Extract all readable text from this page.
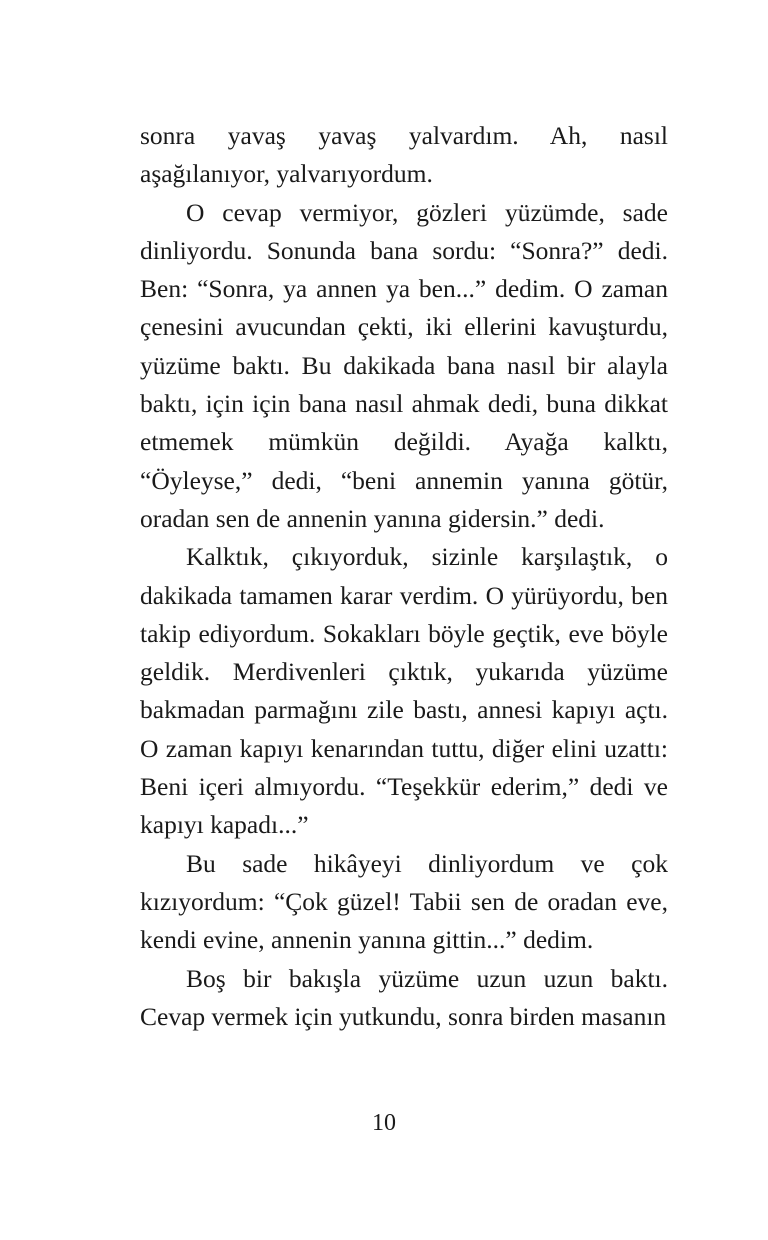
sonra yavaş yavaş yalvardım. Ah, nasıl aşağılanıyor, yalvarıyordum.

O cevap vermiyor, gözleri yüzümde, sade dinliyordu. Sonunda bana sordu: “Sonra?” dedi. Ben: “Sonra, ya annen ya ben...” dedim. O zaman çenesini avucundan çekti, iki ellerini kavuşturdu, yüzüme baktı. Bu dakikada bana nasıl bir alayla baktı, için için bana nasıl ahmak dedi, buna dikkat etmemek mümkün değildi. Ayağa kalktı, “Öyleyse,” dedi, “beni annemin yanına götür, oradan sen de annenin yanına gidersin.” dedi.

Kalktık, çıkıyorduk, sizinle karşılaştık, o dakikada tamamen karar verdim. O yürüyordu, ben takip ediyordum. Sokakları böyle geçtik, eve böyle geldik. Merdivenleri çıktık, yukarıda yüzüme bakmadan parmağını zile bastı, annesi kapıyı açtı. O zaman kapıyı kenarından tuttu, diğer elini uzattı: Beni içeri almıyordu. “Teşekkür ederim,” dedi ve kapıyı kapadı...”

Bu sade hikâyeyi dinliyordum ve çok kızıyordum: “Çok güzel! Tabii sen de oradan eve, kendi evine, annenin yanına gittin...” dedim.

Boş bir bakışla yüzüme uzun uzun baktı. Cevap vermek için yutkundu, sonra birden masanın

10
